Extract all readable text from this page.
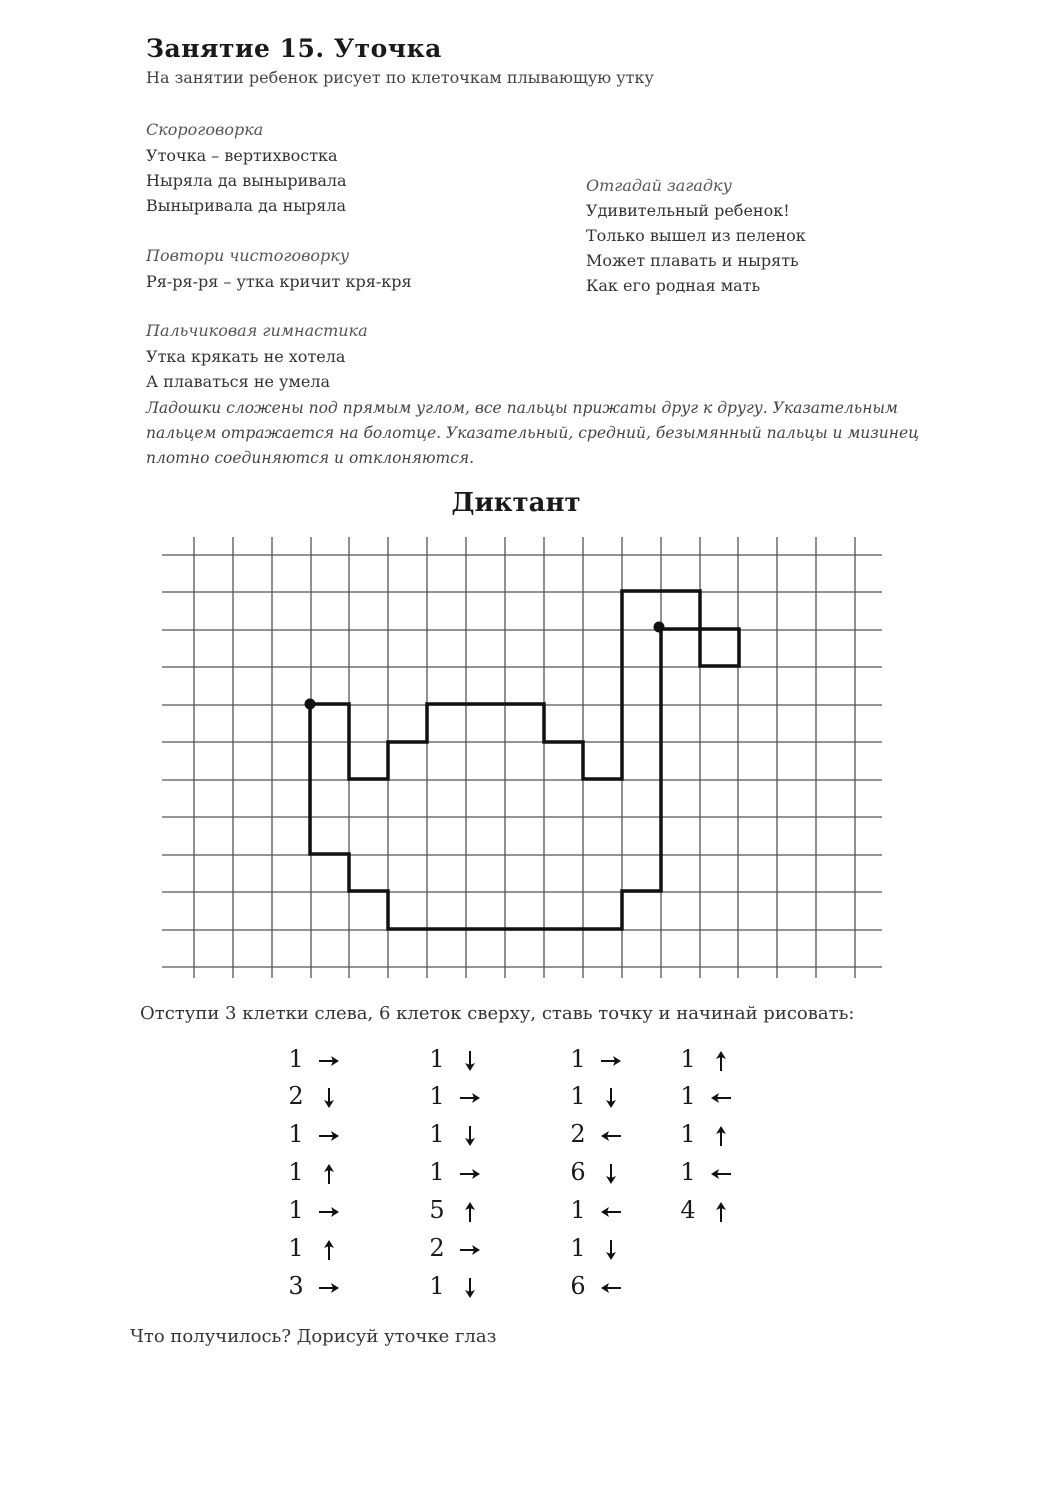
Занятие 15. Уточка
На занятии ребенок рисует по клеточкам плывающую утку
Скороговорка
Уточка – вертихвостка
Ныряла да выныривала
Выныривала да ныряла
Повтори чистоговорку
Ря-ря-ря – утка кричит кря-кря
Отгадай загадку
Удивительный ребенок!
Только вышел из пеленок
Может плавать и нырять
Как его родная мать
Пальчиковая гимнастика
Утка крякать не хотела
А плаваться не умела
Ладошки сложены под прямым углом, все пальцы прижаты друг к другу. Указательным пальцем отражается на болотце. Указательный, средний, безымянный пальцы и мизинец плотно соединяются и отклоняются.
Диктант
Отступи 3 клетки слева, 6 клеток сверху, ставь точку и начинай рисовать:
1
2
1
1
1
1
3
1
1
1
1
5
2
1
1
1
2
6
1
1
6
1
1
1
1
4
Что получилось? Дорисуй уточке глаз
